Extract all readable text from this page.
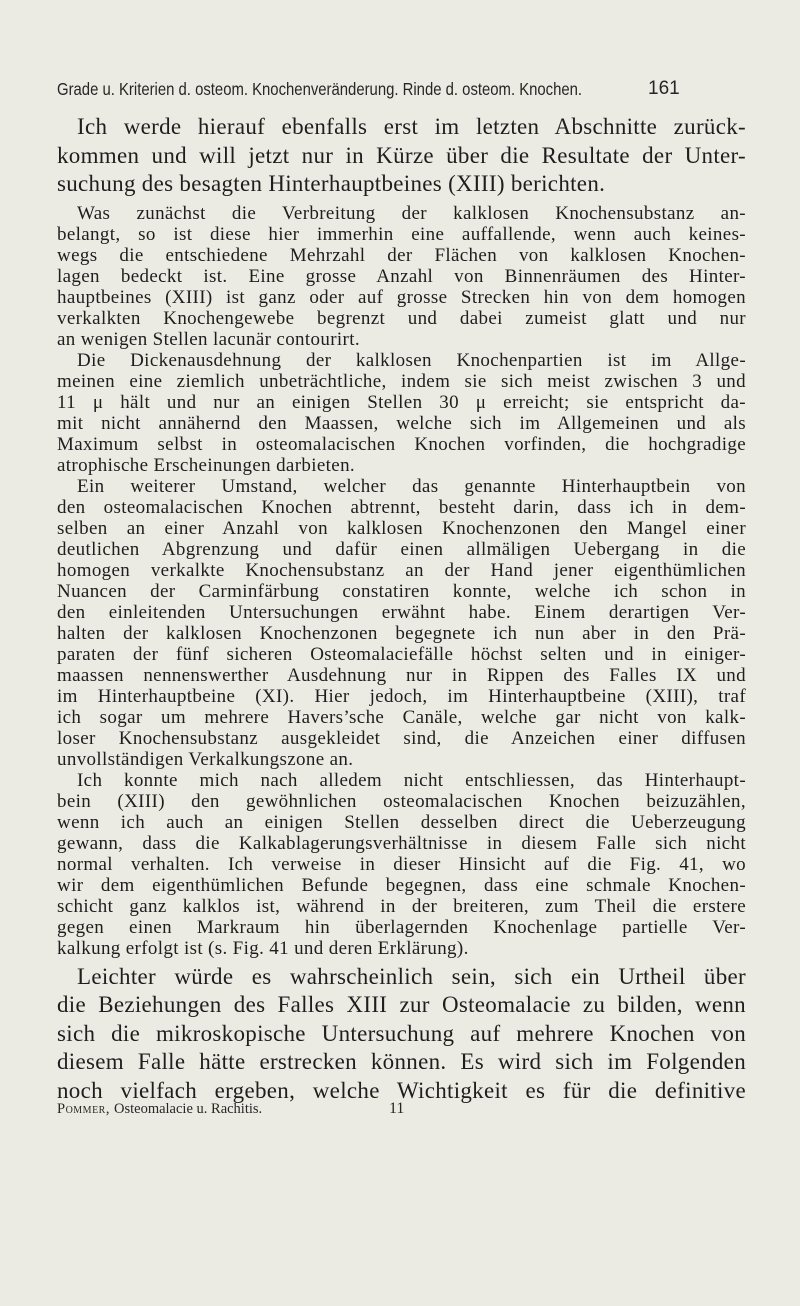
Grade u. Kriterien d. osteom. Knochenveränderung. Rinde d. osteom. Knochen.	161
Ich werde hierauf ebenfalls erst im letzten Abschnitte zurück-
kommen und will jetzt nur in Kürze über die Resultate der Unter-
suchung des besagten Hinterhauptbeines (XIII) berichten.
Was zunächst die Verbreitung der kalklosen Knochensubstanz an-
belangt, so ist diese hier immerhin eine auffallende, wenn auch keines-
wegs die entschiedene Mehrzahl der Flächen von kalklosen Knochen-
lagen bedeckt ist. Eine grosse Anzahl von Binnenräumen des Hinter-
hauptbeines (XIII) ist ganz oder auf grosse Strecken hin von dem homogen
verkalkten Knochengewebe begrenzt und dabei zumeist glatt und nur
an wenigen Stellen lacunär contourirt.
Die Dickenausdehnung der kalklosen Knochenpartien ist im Allge-
meinen eine ziemlich unbeträchtliche, indem sie sich meist zwischen 3 und
11 μ hält und nur an einigen Stellen 30 μ erreicht; sie entspricht da-
mit nicht annähernd den Maassen, welche sich im Allgemeinen und als
Maximum selbst in osteomalacischen Knochen vorfinden, die hochgradige
atrophische Erscheinungen darbieten.
Ein weiterer Umstand, welcher das genannte Hinterhauptbein von
den osteomalacischen Knochen abtrennt, besteht darin, dass ich in dem-
selben an einer Anzahl von kalklosen Knochenzonen den Mangel einer
deutlichen Abgrenzung und dafür einen allmäligen Uebergang in die
homogen verkalkte Knochensubstanz an der Hand jener eigenthümlichen
Nuancen der Carminfärbung constatiren konnte, welche ich schon in
den einleitenden Untersuchungen erwähnt habe. Einem derartigen Ver-
halten der kalklosen Knochenzonen begegnete ich nun aber in den Prä-
paraten der fünf sicheren Osteomalaciefälle höchst selten und in einiger-
maassen nennenswerther Ausdehnung nur in Rippen des Falles IX und
im Hinterhauptbeine (XI). Hier jedoch, im Hinterhauptbeine (XIII), traf
ich sogar um mehrere Havers’sche Canäle, welche gar nicht von kalk-
loser Knochensubstanz ausgekleidet sind, die Anzeichen einer diffusen
unvollständigen Verkalkungszone an.
Ich konnte mich nach alledem nicht entschliessen, das Hinterhaupt-
bein (XIII) den gewöhnlichen osteomalacischen Knochen beizuzählen,
wenn ich auch an einigen Stellen desselben direct die Ueberzeugung
gewann, dass die Kalkablagerungsverhältnisse in diesem Falle sich nicht
normal verhalten. Ich verweise in dieser Hinsicht auf die Fig. 41, wo
wir dem eigenthümlichen Befunde begegnen, dass eine schmale Knochen-
schicht ganz kalklos ist, während in der breiteren, zum Theil die erstere
gegen einen Markraum hin überlagernden Knochenlage partielle Ver-
kalkung erfolgt ist (s. Fig. 41 und deren Erklärung).
Leichter würde es wahrscheinlich sein, sich ein Urtheil über
die Beziehungen des Falles XIII zur Osteomalacie zu bilden, wenn
sich die mikroskopische Untersuchung auf mehrere Knochen von
diesem Falle hätte erstrecken können. Es wird sich im Folgenden
noch vielfach ergeben, welche Wichtigkeit es für die definitive
Pommer, Osteomalacie u. Rachitis.	11
